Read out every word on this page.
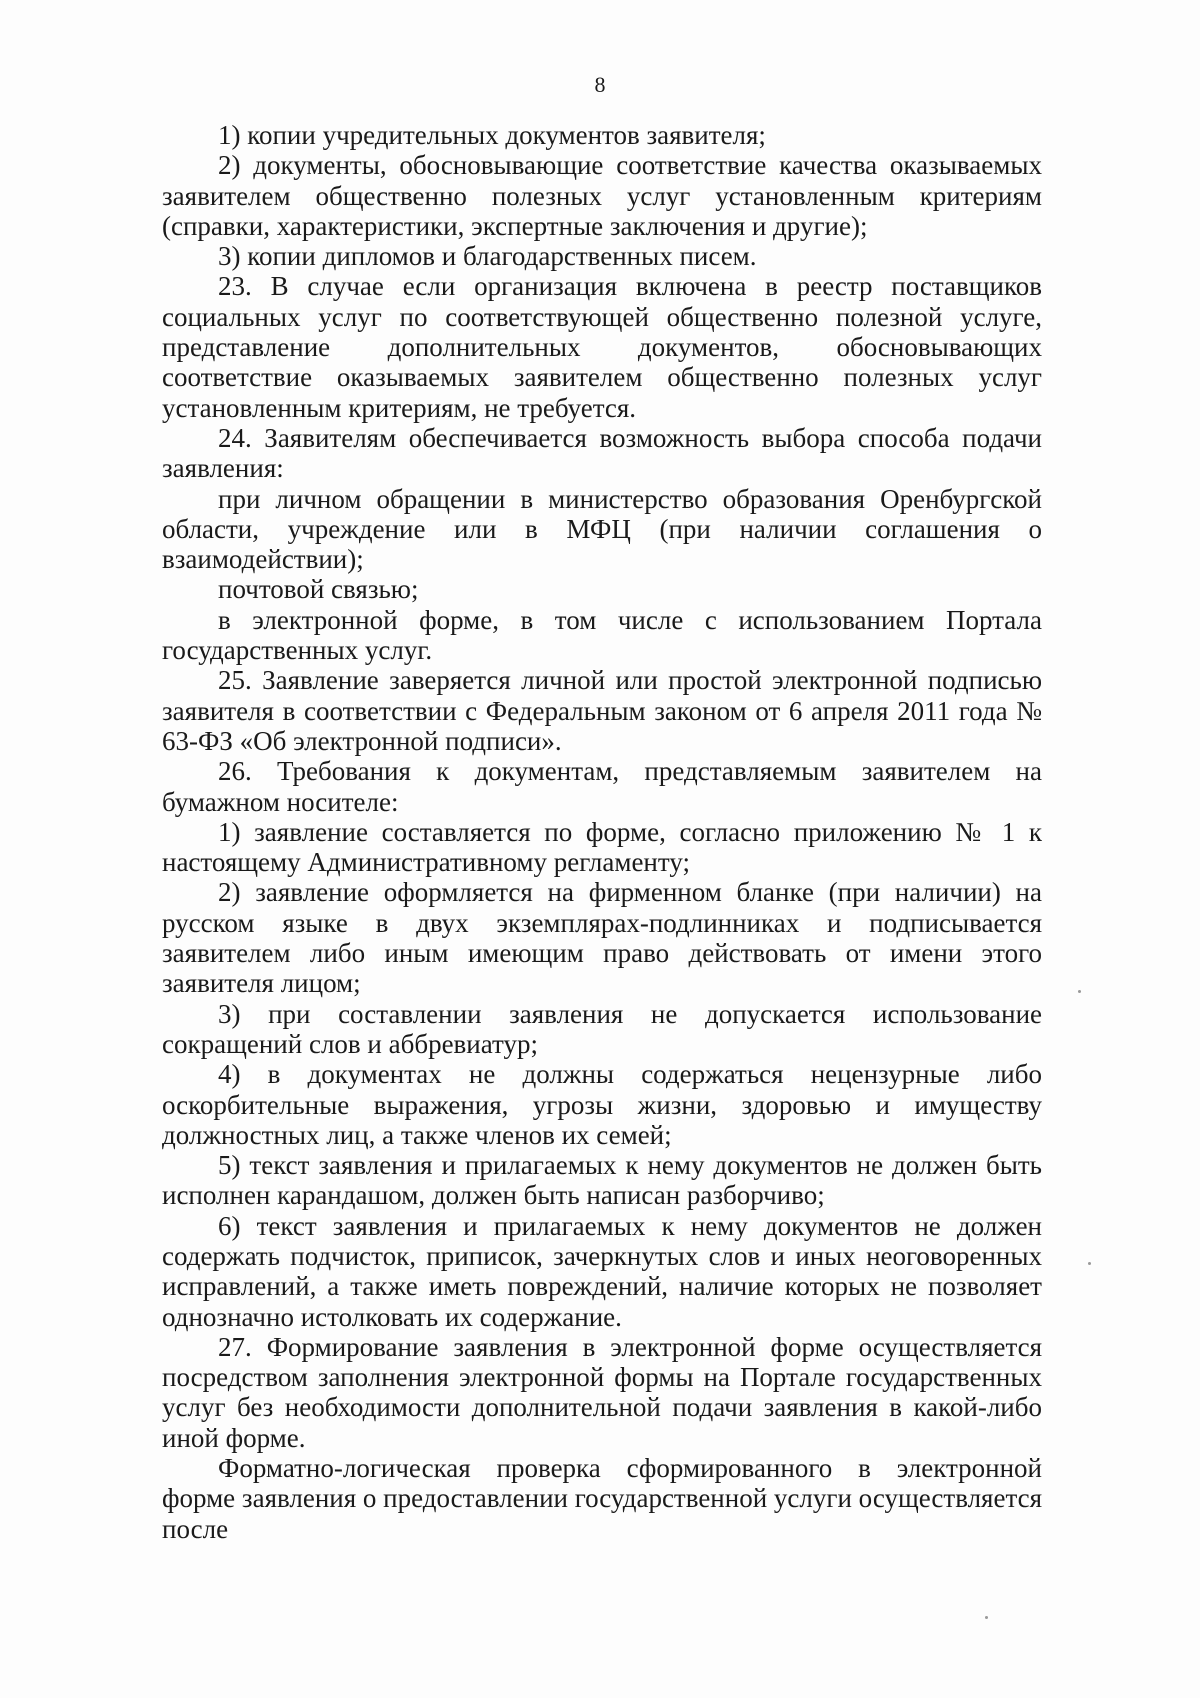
8

1) копии учредительных документов заявителя;

2) документы, обосновывающие соответствие качества оказываемых заявителем общественно полезных услуг установленным критериям (справки, характеристики, экспертные заключения и другие);

3) копии дипломов и благодарственных писем.

23. В случае если организация включена в реестр поставщиков социальных услуг по соответствующей общественно полезной услуге, представление дополнительных документов, обосновывающих соответствие оказываемых заявителем общественно полезных услуг установленным критериям, не требуется.

24. Заявителям обеспечивается возможность выбора способа подачи заявления:

при личном обращении в министерство образования Оренбургской области, учреждение или в МФЦ (при наличии соглашения о взаимодействии);

почтовой связью;

в электронной форме, в том числе с использованием Портала государственных услуг.

25. Заявление заверяется личной или простой электронной подписью заявителя в соответствии с Федеральным законом от 6 апреля 2011 года № 63-ФЗ «Об электронной подписи».

26. Требования к документам, представляемым заявителем на бумажном носителе:

1) заявление составляется по форме, согласно приложению № 1 к настоящему Административному регламенту;

2) заявление оформляется на фирменном бланке (при наличии) на русском языке в двух экземплярах-подлинниках и подписывается заявителем либо иным имеющим право действовать от имени этого заявителя лицом;

3) при составлении заявления не допускается использование сокращений слов и аббревиатур;

4) в документах не должны содержаться нецензурные либо оскорбительные выражения, угрозы жизни, здоровью и имуществу должностных лиц, а также членов их семей;

5) текст заявления и прилагаемых к нему документов не должен быть исполнен карандашом, должен быть написан разборчиво;

6) текст заявления и прилагаемых к нему документов не должен содержать подчисток, приписок, зачеркнутых слов и иных неоговоренных исправлений, а также иметь повреждений, наличие которых не позволяет однозначно истолковать их содержание.

27. Формирование заявления в электронной форме осуществляется посредством заполнения электронной формы на Портале государственных услуг без необходимости дополнительной подачи заявления в какой-либо иной форме.

Форматно-логическая проверка сформированного в электронной форме заявления о предоставлении государственной услуги осуществляется после
